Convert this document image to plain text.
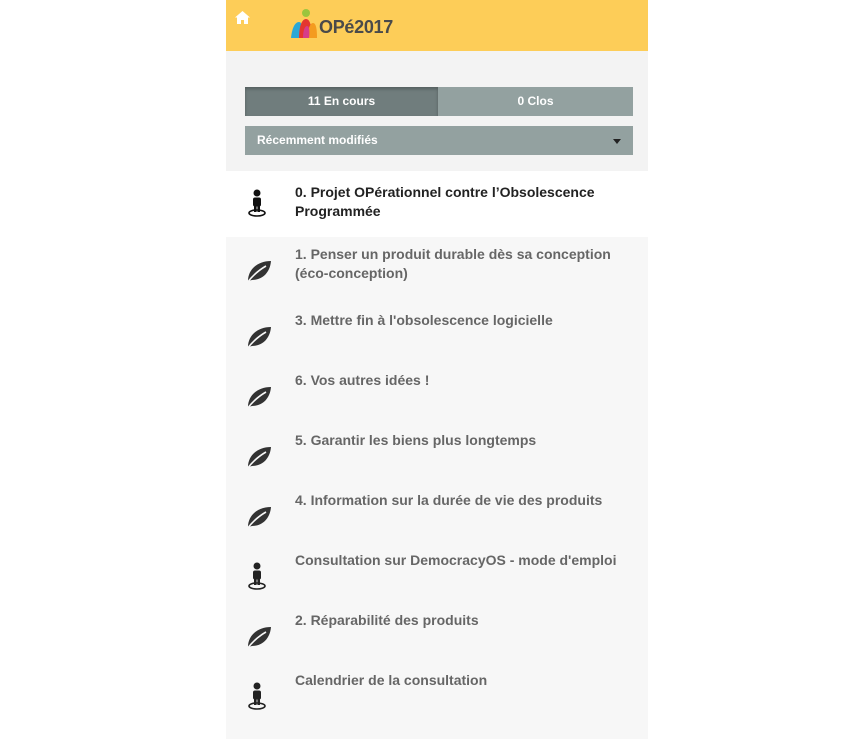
OPé2017
11 En cours	0 Clos
Récemment modifiés
0. Projet OPérationnel contre l’Obsolescence Programmée
1. Penser un produit durable dès sa conception (éco-conception)
3. Mettre fin à l'obsolescence logicielle
6. Vos autres idées !
5. Garantir les biens plus longtemps
4. Information sur la durée de vie des produits
Consultation sur DemocracyOS - mode d'emploi
2. Réparabilité des produits
Calendrier de la consultation
